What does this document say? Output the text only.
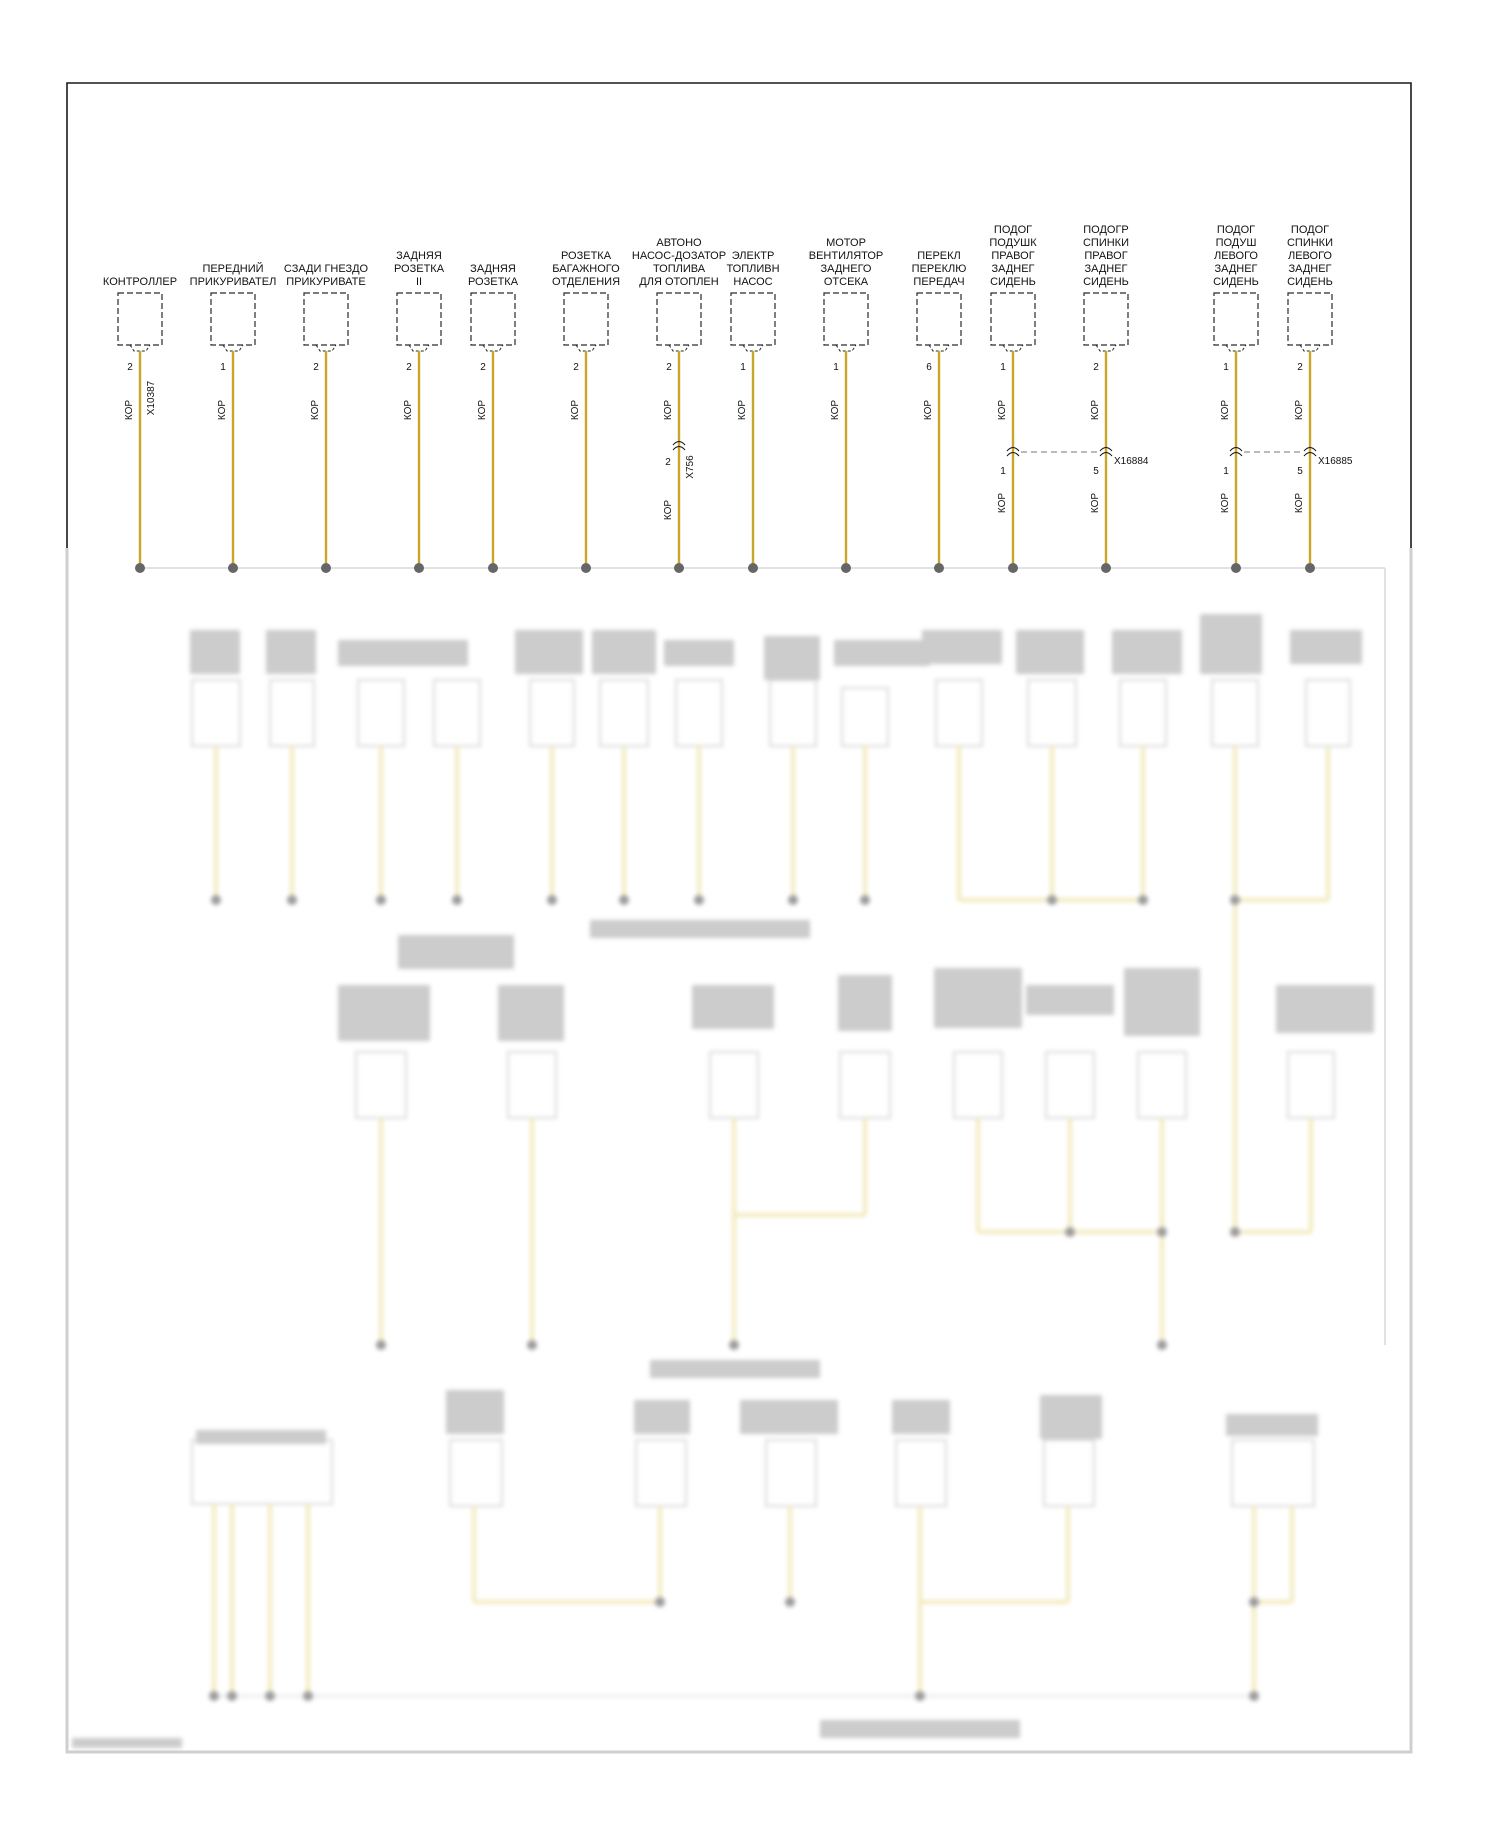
КОНТРОЛЛЕР
2
КОР X10387
ПЕРЕДНИЙ
ПРИКУРИВАТЕЛ
1
КОР
СЗАДИ ГНЕЗДО
ПРИКУРИВАТЕ
2
КОР
ЗАДНЯЯ
РОЗЕТКА
II
2
КОР
ЗАДНЯЯ
РОЗЕТКА
2
КОР
РОЗЕТКА
БАГАЖНОГО
ОТДЕЛЕНИЯ
2
КОР
АВТОНО
НАСОС-ДОЗАТОР
ТОПЛИВА
ДЛЯ ОТОПЛЕН
2
КОР
2 X756
КОР
ЭЛЕКТР
ТОПЛИВН
НАСОС
1
КОР
МОТОР
ВЕНТИЛЯТОР
ЗАДНЕГО
ОТСЕКА
1
КОР
ПЕРЕКЛ
ПЕРЕКЛЮ
ПЕРЕДАЧ
6
КОР
ПОДОГ
ПОДУШК
ПРАВОГ
ЗАДНЕГ
СИДЕНЬ
1
КОР
1
КОР
ПОДОГР
СПИНКИ
ПРАВОГ
ЗАДНЕГ
СИДЕНЬ
2
КОР
5
КОР
X16884
ПОДОГ
ПОДУШ
ЛЕВОГО
ЗАДНЕГ
СИДЕНЬ
1
КОР
1
КОР
ПОДОГ
СПИНКИ
ЛЕВОГО
ЗАДНЕГ
СИДЕНЬ
2
КОР
5
КОР
X16885
